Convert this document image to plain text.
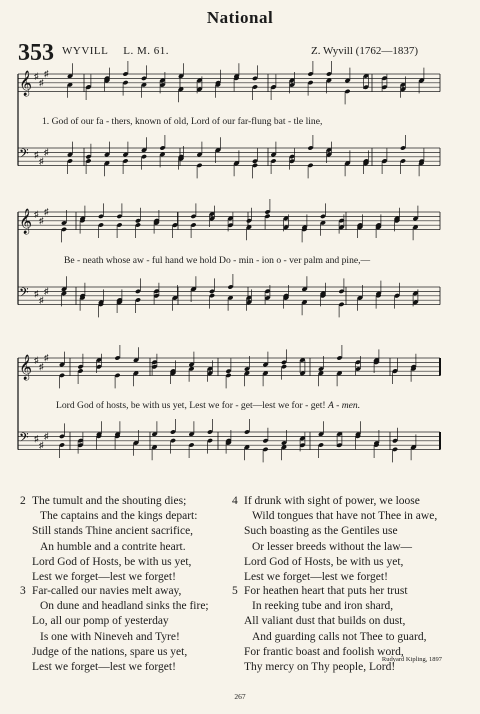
National
353 WYVILL L. M. 61.	Z. Wyvill (1762—1837)
𝄞 ♯
♯
♯
𝄢 ♯
♯
♯
𝄞 ♯
♯
♯
𝄢 ♯
♯
♯
𝄞 ♯
♯
♯
𝄢 ♯
♯
♯
1. God of our fa - thers, known of old, Lord of our far-flung bat - tle line,
Be - neath whose aw - ful hand we hold Do - min - ion o - ver palm and pine,—
Lord God of hosts, be with us yet, Lest we for - get—lest we for - get! A - men.
2 The tumult and the shouting dies;
The captains and the kings depart:
Still stands Thine ancient sacrifice,
An humble and a contrite heart.
Lord God of Hosts, be with us yet,
Lest we forget—lest we forget!
3 Far-called our navies melt away,
On dune and headland sinks the fire;
Lo, all our pomp of yesterday
Is one with Nineveh and Tyre!
Judge of the nations, spare us yet,
Lest we forget—lest we forget!
4 If drunk with sight of power, we loose
Wild tongues that have not Thee in awe,
Such boasting as the Gentiles use
Or lesser breeds without the law—
Lord God of Hosts, be with us yet,
Lest we forget—lest we forget!
5 For heathen heart that puts her trust
In reeking tube and iron shard,
All valiant dust that builds on dust,
And guarding calls not Thee to guard,
For frantic boast and foolish word,
Thy mercy on Thy people, Lord!
Rudyard Kipling, 1897
267
